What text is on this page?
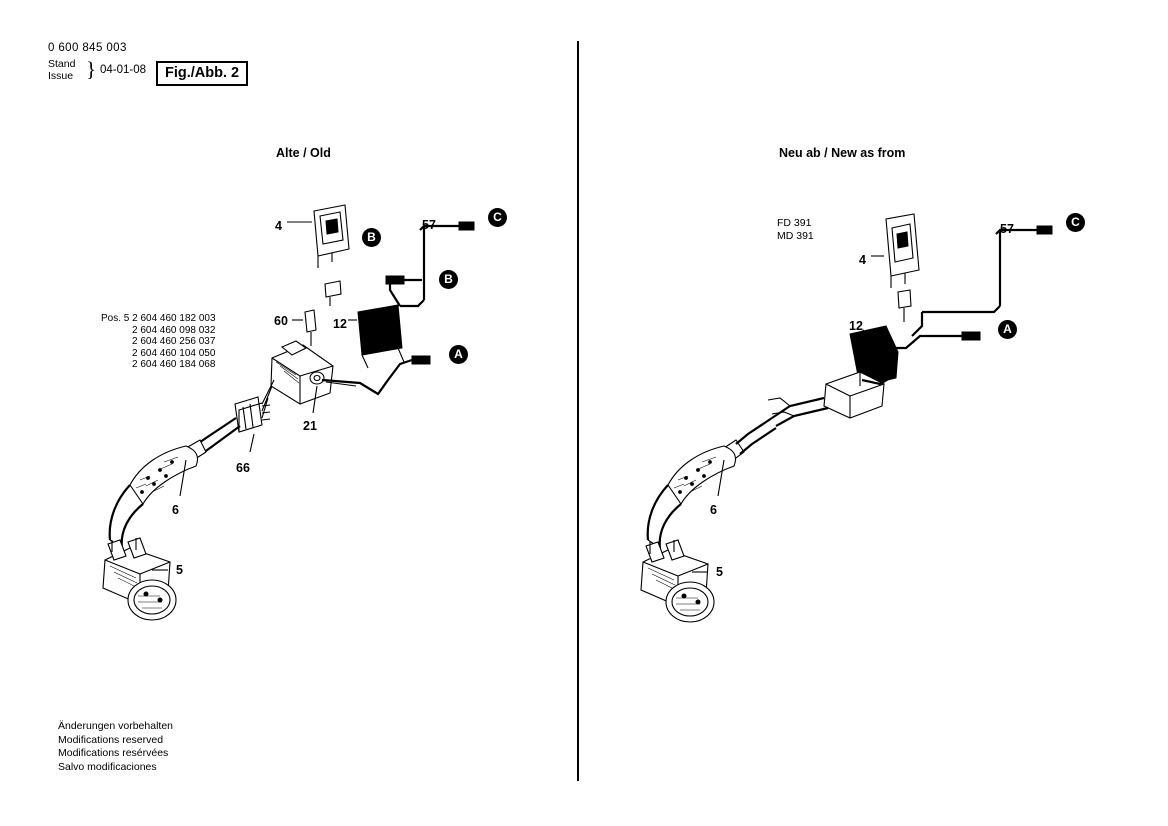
0 600 845 003
Stand
Issue } 04-01-08	Fig./Abb. 2
Alte / Old	Neu ab / New as from
Pos. 5 2 604 460 182 003
2 604 460 098 032
2 604 460 256 037
2 604 460 104 050
2 604 460 184 068
FD 391
MD 391
Änderungen vorbehalten
Modifications reserved
Modifications resérvées
Salvo modificaciones
4	57
60	12
21
66
6
5
4
57
12
6
5
B
C
B
A
C
A
